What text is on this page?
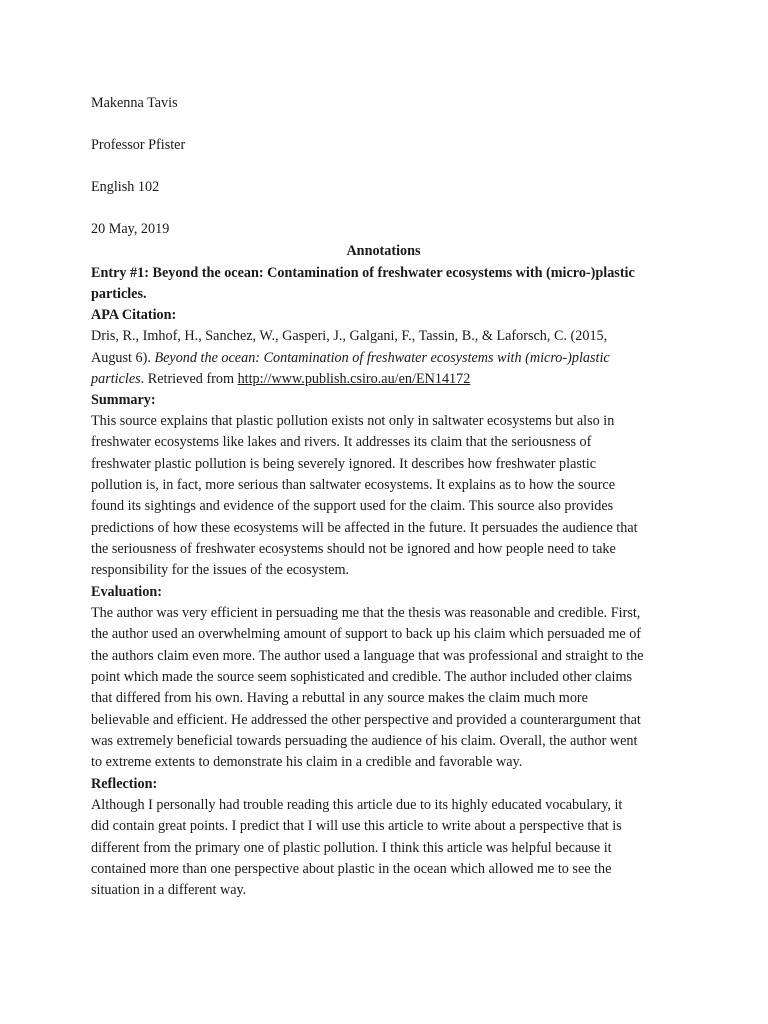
Makenna Tavis
Professor Pfister
English 102
20 May, 2019
Annotations
Entry #1: Beyond the ocean: Contamination of freshwater ecosystems with (micro-)plastic
particles.
APA Citation:
Dris, R., Imhof, H., Sanchez, W., Gasperi, J., Galgani, F., Tassin, B., & Laforsch, C. (2015,
August 6). Beyond the ocean: Contamination of freshwater ecosystems with (micro-)plastic
particles. Retrieved from http://www.publish.csiro.au/en/EN14172
Summary:
This source explains that plastic pollution exists not only in saltwater ecosystems but also in
freshwater ecosystems like lakes and rivers. It addresses its claim that the seriousness of
freshwater plastic pollution is being severely ignored. It describes how freshwater plastic
pollution is, in fact, more serious than saltwater ecosystems. It explains as to how the source
found its sightings and evidence of the support used for the claim. This source also provides
predictions of how these ecosystems will be affected in the future. It persuades the audience that
the seriousness of freshwater ecosystems should not be ignored and how people need to take
responsibility for the issues of the ecosystem.
Evaluation:
The author was very efficient in persuading me that the thesis was reasonable and credible. First,
the author used an overwhelming amount of support to back up his claim which persuaded me of
the authors claim even more. The author used a language that was professional and straight to the
point which made the source seem sophisticated and credible. The author included other claims
that differed from his own. Having a rebuttal in any source makes the claim much more
believable and efficient. He addressed the other perspective and provided a counterargument that
was extremely beneficial towards persuading the audience of his claim. Overall, the author went
to extreme extents to demonstrate his claim in a credible and favorable way.
Reflection:
Although I personally had trouble reading this article due to its highly educated vocabulary, it
did contain great points. I predict that I will use this article to write about a perspective that is
different from the primary one of plastic pollution. I think this article was helpful because it
contained more than one perspective about plastic in the ocean which allowed me to see the
situation in a different way.
